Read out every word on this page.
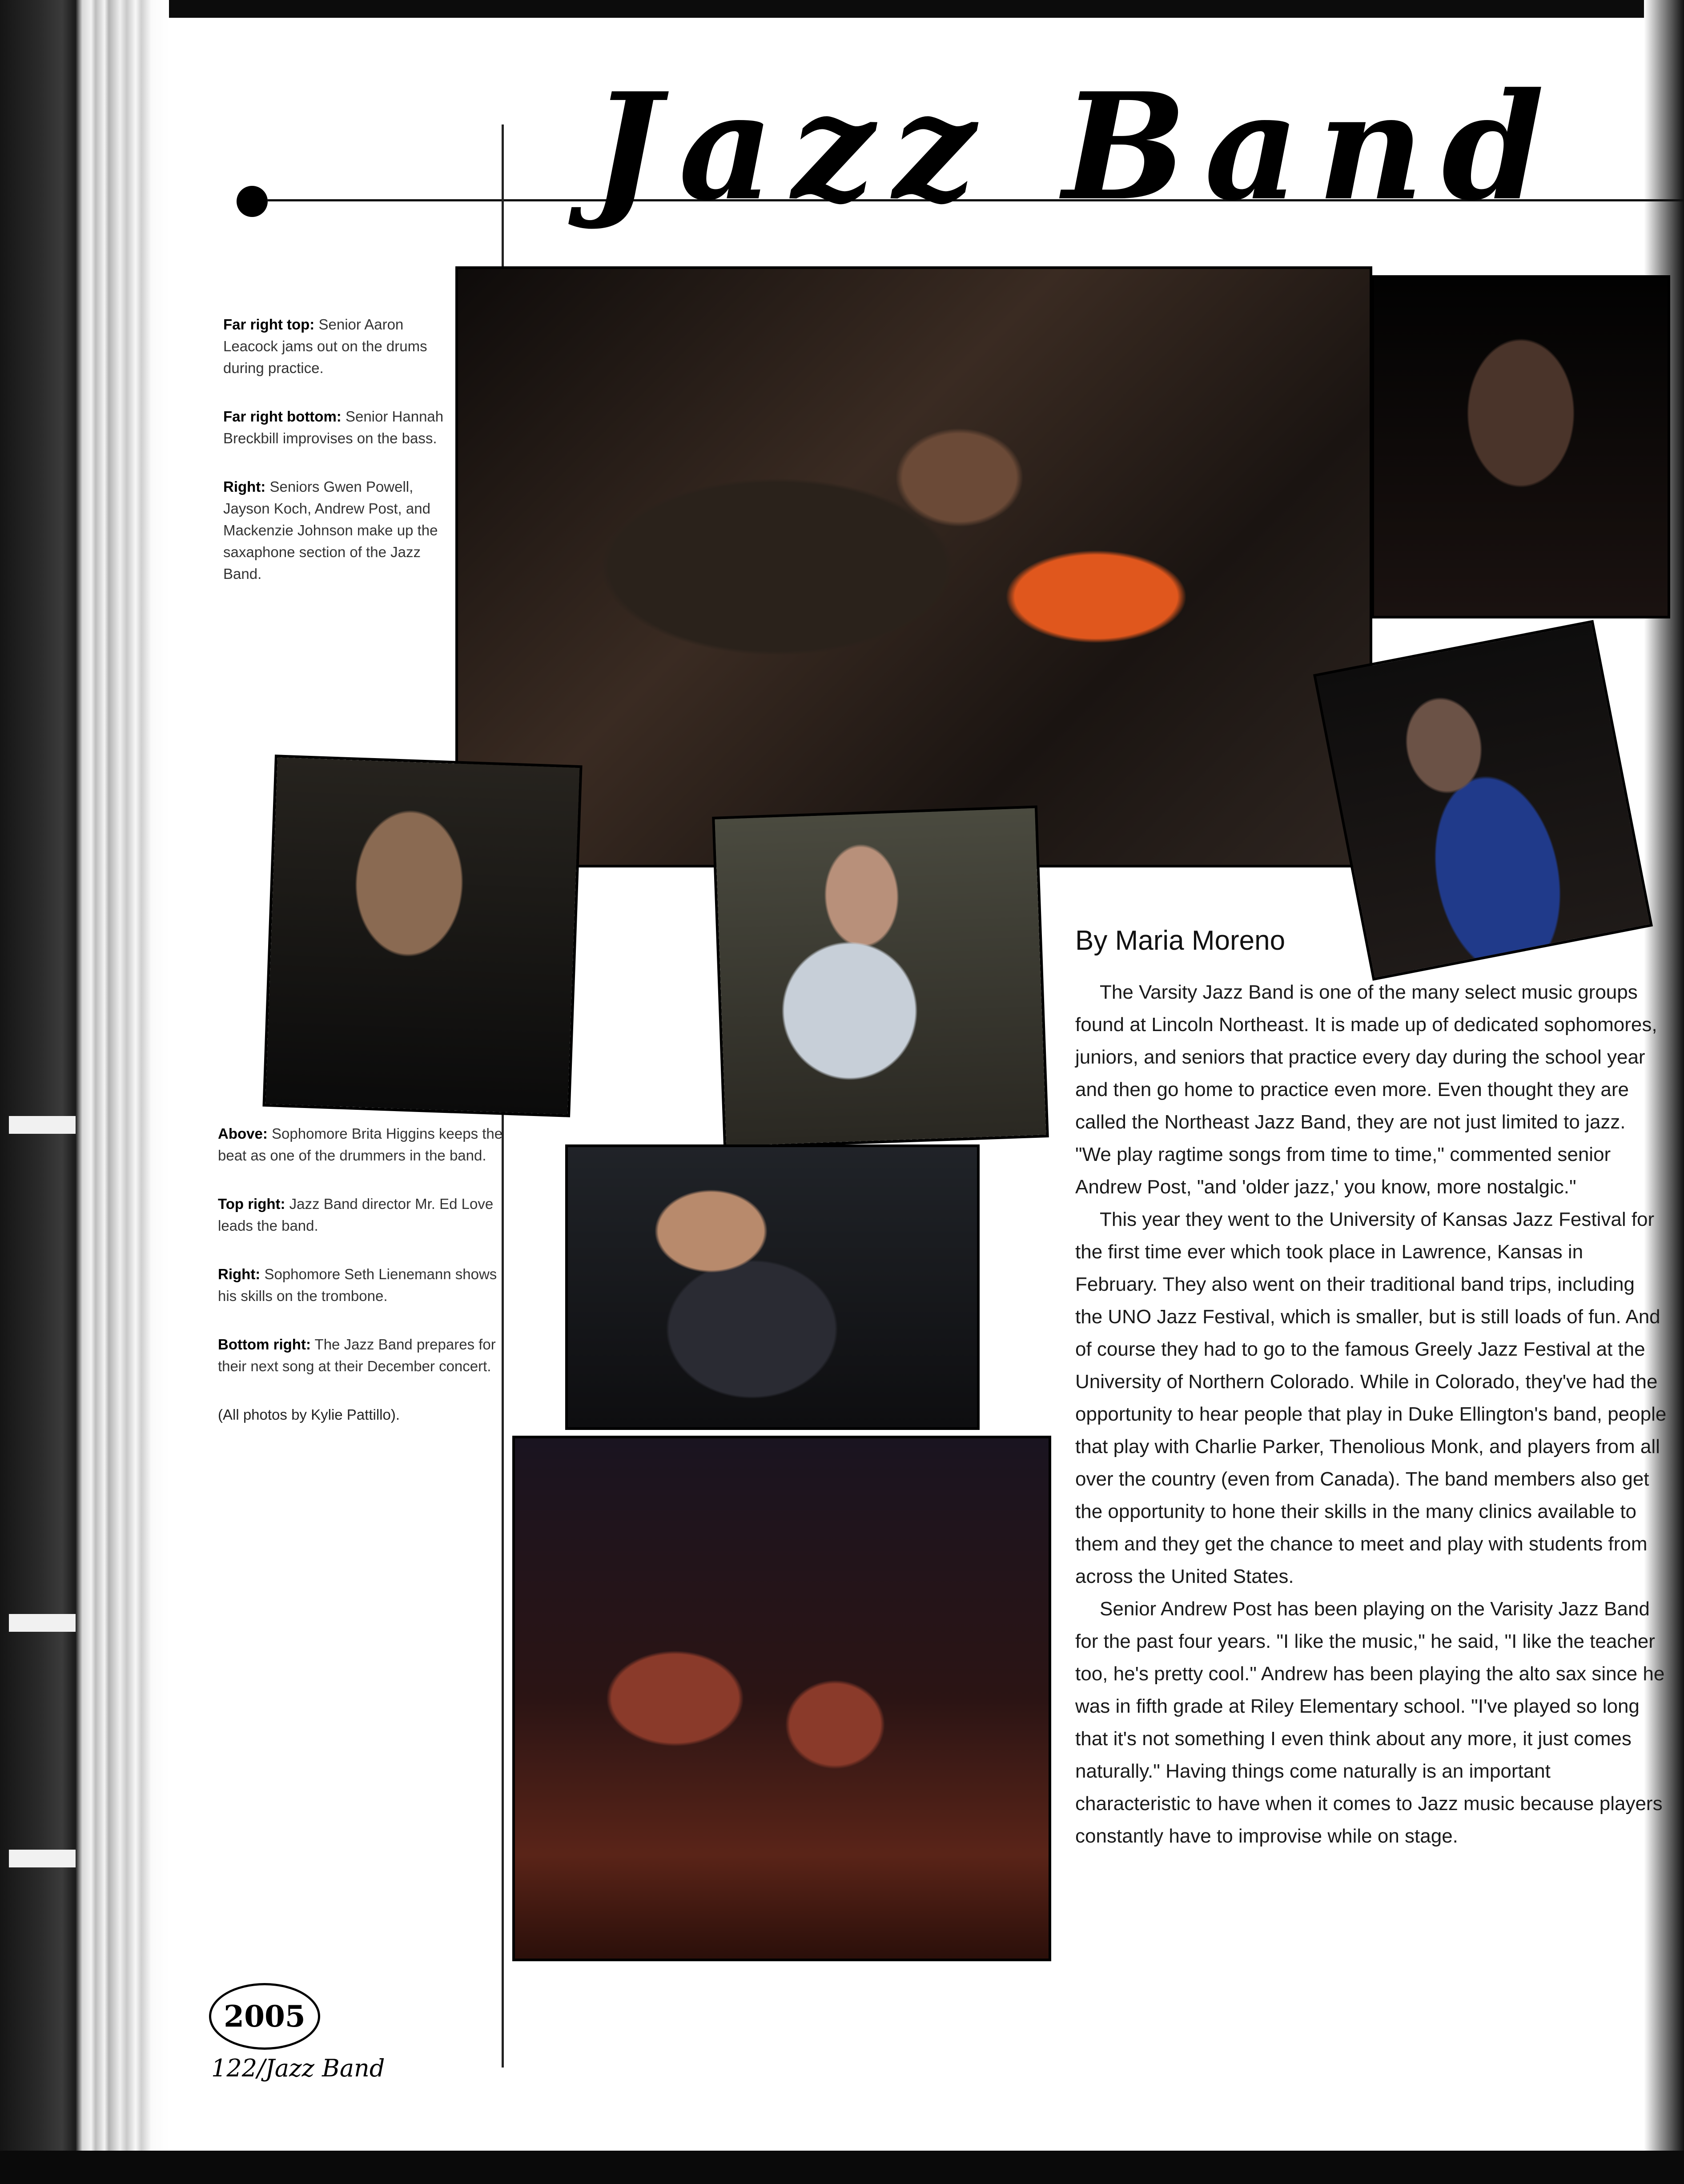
Jazz Band

Far right top: Senior Aaron Leacock jams out on the drums during practice.

Far right bottom: Senior Hannah Breckbill improvises on the bass.

Right: Seniors Gwen Powell, Jayson Koch, Andrew Post, and Mackenzie Johnson make up the saxaphone section of the Jazz Band.

Above: Sophomore Brita Higgins keeps the beat as one of the drummers in the band.

Top right: Jazz Band director Mr. Ed Love leads the band.

Right: Sophomore Seth Lienemann shows his skills on the trombone.

Bottom right: The Jazz Band prepares for their next song at their December concert.

(All photos by Kylie Pattillo).

By Maria Moreno

The Varsity Jazz Band is one of the many select music groups found at Lincoln Northeast. It is made up of dedicated sophomores, juniors, and seniors that practice every day during the school year and then go home to practice even more. Even thought they are called the Northeast Jazz Band, they are not just limited to jazz. "We play ragtime songs from time to time," commented senior Andrew Post, "and 'older jazz,' you know, more nostalgic."

This year they went to the University of Kansas Jazz Festival for the first time ever which took place in Lawrence, Kansas in February. They also went on their traditional band trips, including the UNO Jazz Festival, which is smaller, but is still loads of fun. And of course they had to go to the famous Greely Jazz Festival at the University of Northern Colorado. While in Colorado, they've had the opportunity to hear people that play in Duke Ellington's band, people that play with Charlie Parker, Thenolious Monk, and players from all over the country (even from Canada). The band members also get the opportunity to hone their skills in the many clinics available to them and they get the chance to meet and play with students from across the United States.

Senior Andrew Post has been playing on the Varisity Jazz Band for the past four years. "I like the music," he said, "I like the teacher too, he's pretty cool." Andrew has been playing the alto sax since he was in fifth grade at Riley Elementary school. "I've played so long that it's not something I even think about any more, it just comes naturally." Having things come naturally is an important characteristic to have when it comes to Jazz music because players constantly have to improvise while on stage.

2005
122/Jazz Band
